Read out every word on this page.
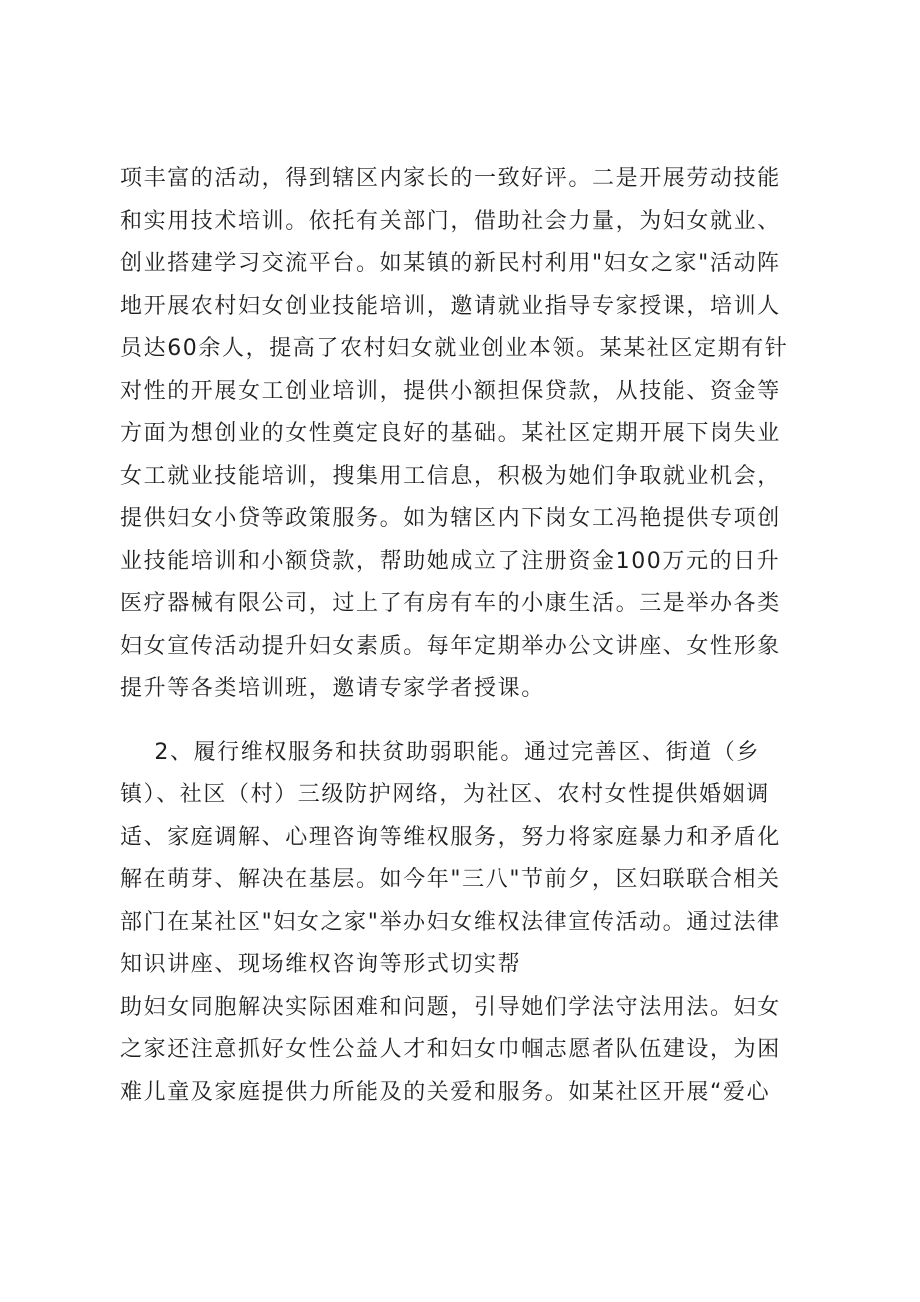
项丰富的活动，得到辖区内家长的一致好评。二是开展劳动技能
和实用技术培训。依托有关部门，借助社会力量，为妇女就业、
创业搭建学习交流平台。如某镇的新民村利用"妇女之家"活动阵
地开展农村妇女创业技能培训，邀请就业指导专家授课，培训人
员达60余人，提高了农村妇女就业创业本领。某某社区定期有针
对性的开展女工创业培训，提供小额担保贷款，从技能、资金等
方面为想创业的女性奠定良好的基础。某社区定期开展下岗失业
女工就业技能培训，搜集用工信息，积极为她们争取就业机会，
提供妇女小贷等政策服务。如为辖区内下岗女工冯艳提供专项创
业技能培训和小额贷款，帮助她成立了注册资金100万元的日升
医疗器械有限公司，过上了有房有车的小康生活。三是举办各类
妇女宣传活动提升妇女素质。每年定期举办公文讲座、女性形象
提升等各类培训班，邀请专家学者授课。
2、履行维权服务和扶贫助弱职能。通过完善区、街道（乡
镇）、社区（村）三级防护网络，为社区、农村女性提供婚姻调
适、家庭调解、心理咨询等维权服务，努力将家庭暴力和矛盾化
解在萌芽、解决在基层。如今年"三八"节前夕，区妇联联合相关
部门在某社区"妇女之家"举办妇女维权法律宣传活动。通过法律
知识讲座、现场维权咨询等形式切实帮
助妇女同胞解决实际困难和问题，引导她们学法守法用法。妇女
之家还注意抓好女性公益人才和妇女巾帼志愿者队伍建设，为困
难儿童及家庭提供力所能及的关爱和服务。如某社区开展“爱心
